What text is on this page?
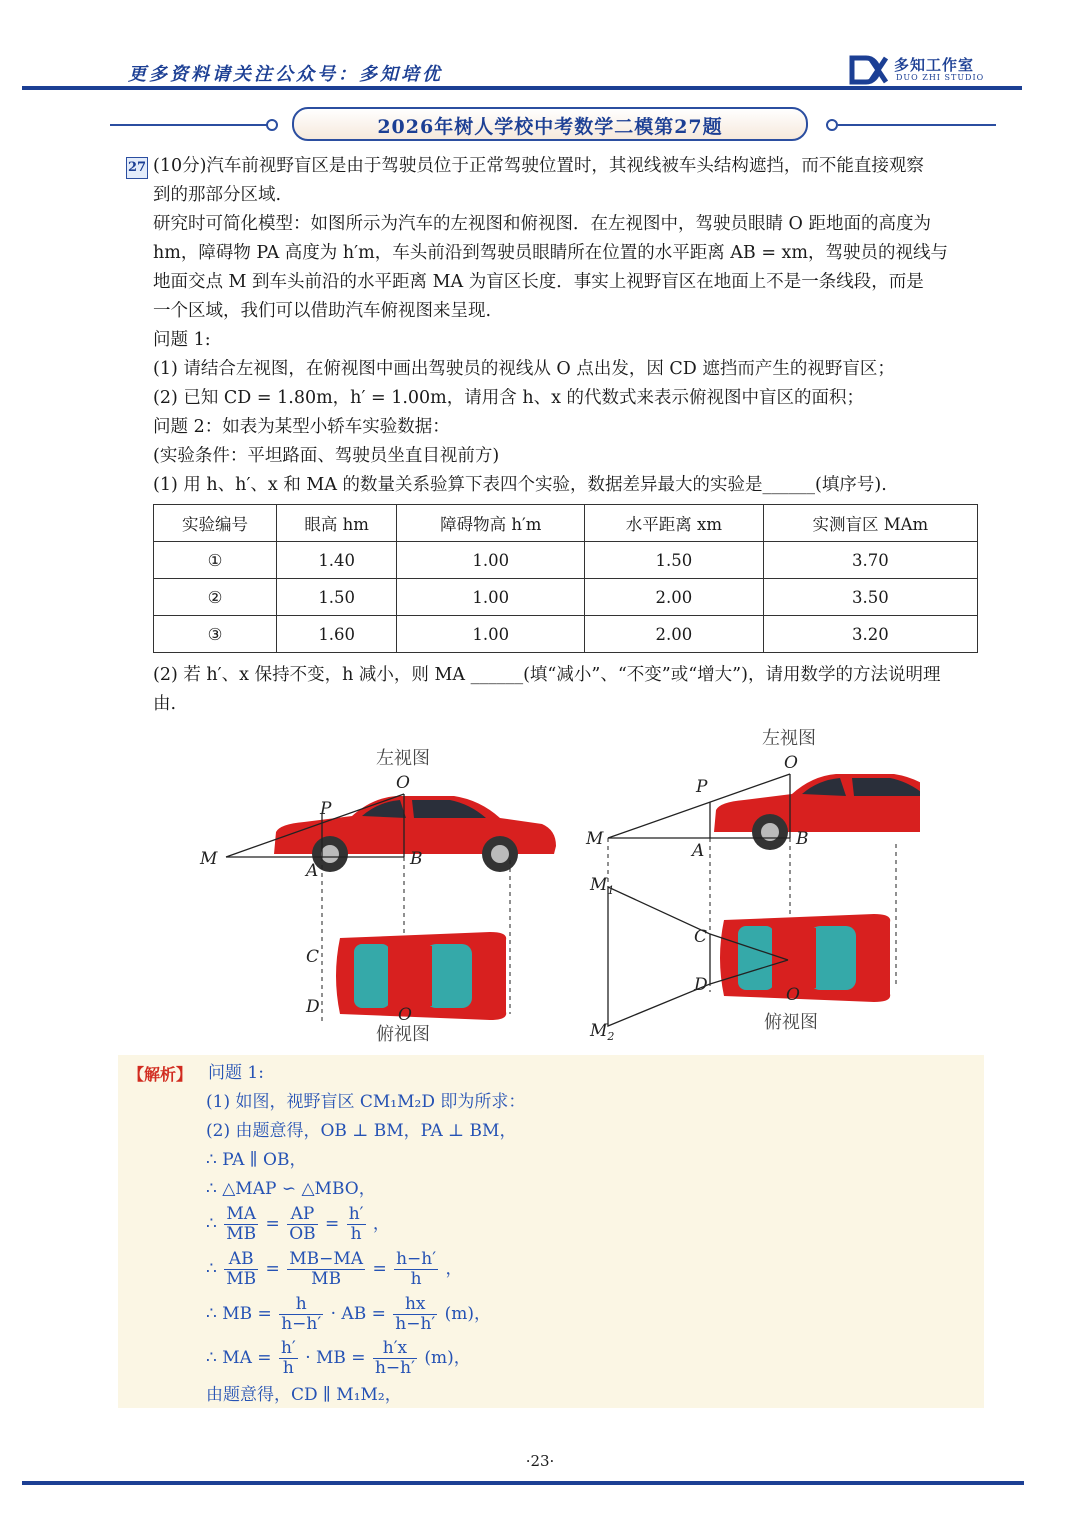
更多资料请关注公众号：多知培优	多知工作室
DUO ZHI STUDIO
2026年树人学校中考数学二模第27题
27 (10分)汽车前视野盲区是由于驾驶员位于正常驾驶位置时，其视线被车头结构遮挡，而不能直接观察
到的那部分区域.
研究时可简化模型：如图所示为汽车的左视图和俯视图．在左视图中，驾驶员眼睛 O 距地面的高度为
hm，障碍物 PA 高度为 h′m，车头前沿到驾驶员眼睛所在位置的水平距离 AB = xm，驾驶员的视线与
地面交点 M 到车头前沿的水平距离 MA 为盲区长度．事实上视野盲区在地面上不是一条线段，而是
一个区域，我们可以借助汽车俯视图来呈现.
问题 1:
(1) 请结合左视图，在俯视图中画出驾驶员的视线从 O 点出发，因 CD 遮挡而产生的视野盲区；
(2) 已知 CD = 1.80m，h′ = 1.00m，请用含 h、x 的代数式来表示俯视图中盲区的面积；
问题 2：如表为某型小轿车实验数据：
(实验条件：平坦路面、驾驶员坐直目视前方)
(1) 用 h、h′、x 和 MA 的数量关系验算下表四个实验，数据差异最大的实验是______(填序号).
实验编号	眼高 hm	障碍物高 h′m	水平距离 xm	实测盲区 MAm
①	1.40	1.00	1.50	3.70
②	1.50	1.00	2.00	3.50
③	1.60	1.00	2.00	3.20
(2) 若 h′、x 保持不变，h 减小，则 MA ______(填“减小”、“不变”或“增大”)，请用数学的方法说明理
由.
左视图
O
P
M
A
B
C
D	O
俯视图
左视图
O
P
M
A
B
$M_1$
$M_2$
C
D	O
俯视图
【解析】 问题 1:
(1) 如图，视野盲区 CM₁M₂D 即为所求：
(2) 由题意得，OB ⊥ BM，PA ⊥ BM，
∴ PA ∥ OB，
∴ △MAP ∽ △MBO，
∴ $\frac{MA}{MB} = \frac{AP}{OB} = \frac{h'}{h}$ ，
∴ $\frac{AB}{MB} = \frac{MB-MA}{MB} = \frac{h-h'}{h}$ ，
∴ MB = $\frac{h}{h-h'}$ · AB = $\frac{hx}{h-h'} (m)$，
∴ MA = $\frac{h'}{h}$ · MB = $\frac{h'x}{h-h'} (m)$，
由题意得，CD ∥ M₁M₂，
·23·
